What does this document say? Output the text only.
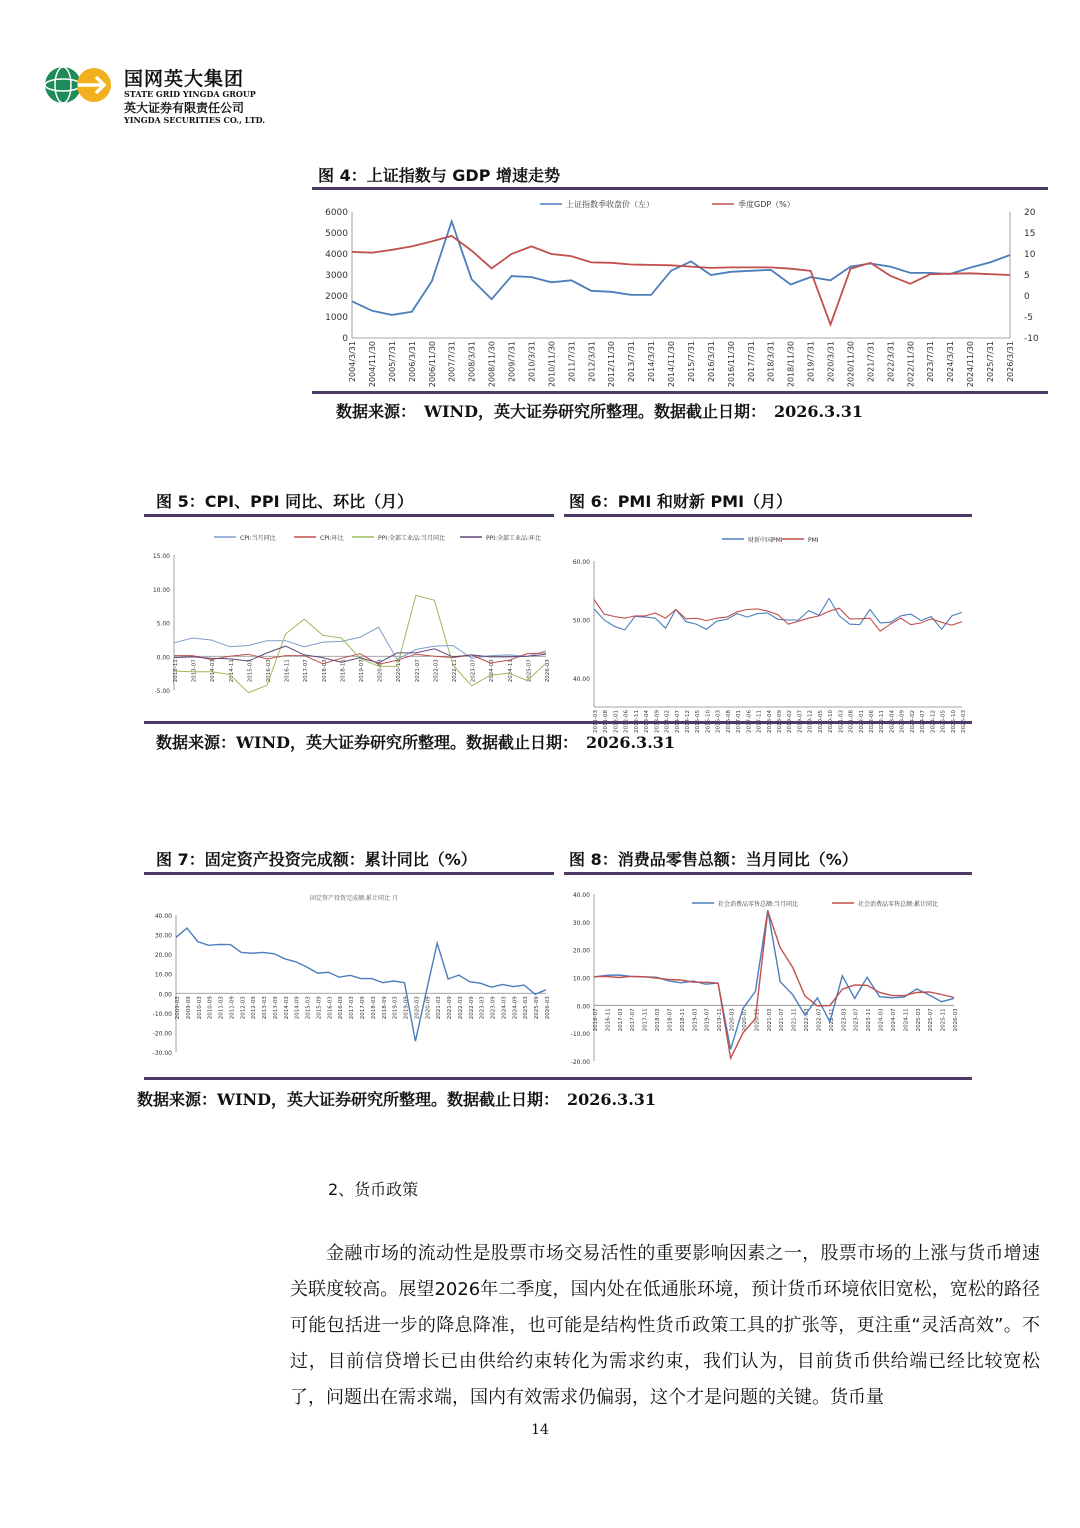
国网英大集团
STATE GRID YINGDA GROUP
英大证券有限责任公司
YINGDA SECURITIES CO., LTD.
图 4：上证指数与 GDP 增速走势
6000
5000
4000
3000
2000
1000
0
20
15
10
5
0
-5
-10
2004/3/31 2004/11/30 2005/7/31 2006/3/31 2006/11/30 2007/7/31 2008/3/31 2008/11/30 2009/7/31 2010/3/31 2010/11/30 2011/7/31 2012/3/31 2012/11/30 2013/7/31 2014/3/31 2014/11/30 2015/7/31 2016/3/31 2016/11/30 2017/7/31 2018/3/31 2018/11/30 2019/7/31 2020/3/31 2020/11/30 2021/7/31 2022/3/31 2022/11/30 2023/7/31 2024/3/31 2024/11/30 2025/7/31 2026/3/31
上证指数季收盘价（左）	季度GDP（%）
数据来源：　WIND，英大证券研究所整理。数据截止日期：　2026.3.31
图 5：CPI、PPI 同比、环比（月）	图 6：PMI 和财新 PMI（月）
15.00
10.00
5.00
0.00
-5.00
2012-11 2013-07 2014-03 2014-11 2015-07 2016-03 2016-11 2017-07 2018-03 2018-11 2019-07 2020-03 2020-11 2021-07 2022-03 2022-11 2023-07 2024-03 2024-11 2025-07 2026-03
CPI:当月同比	CPI:环比	PPI:全部工业品:当月同比	PPI:全部工业品:环比
60.00
50.00
40.00
财新中国PMI	PMI
数据来源：WIND，英大证券研究所整理。数据截止日期：　2026.3.31
图 7：固定资产投资完成额：累计同比（%）	图 8：消费品零售总额：当月同比（%）
40.00
30.00
20.00
10.00
0.00
-10.00
-20.00
-30.00
2009-03 2009-09 2010-03 2010-09 2011-03 2011-09 2012-03 2012-09 2013-03 2013-09 2014-03 2014-09 2015-03 2015-09 2016-03 2016-09 2017-03 2017-09 2018-03 2018-09 2019-03 2019-09 2020-03 2020-09 2021-03 2021-09 2022-03 2022-09 2023-03 2023-09 2024-03 2024-09 2025-03 2025-09 2026-03
固定资产投资完成额:累计同比 月	40.00
30.00
20.00
10.00
0.00
-10.00
-20.00
2016-07 2016-11 2017-03 2017-07 2017-11 2018-03 2018-07 2018-11 2019-03 2019-07 2019-11 2020-03 2020-07 2020-11 2021-03 2021-07 2021-11 2022-03 2022-07 2022-11 2023-03 2023-07 2023-11 2024-03 2024-07 2024-11 2025-03 2025-07 2025-11 2026-03
社会消费品零售总额:当月同比	社会消费品零售总额:累计同比
数据来源：WIND，英大证券研究所整理。数据截止日期：　2026.3.31
2、货币政策
金融市场的流动性是股票市场交易活性的重要影响因素之一，股票市场的上涨与货币增速关联度较高。展望2026年二季度，国内处在低通胀环境，预计货币环境依旧宽松，宽松的路径可能包括进一步的降息降准，也可能是结构性货币政策工具的扩张等，更注重“灵活高效”。不过，目前信贷增长已由供给约束转化为需求约束，我们认为，目前货币供给端已经比较宽松了，问题出在需求端，国内有效需求仍偏弱，这个才是问题的关键。货币量
14
